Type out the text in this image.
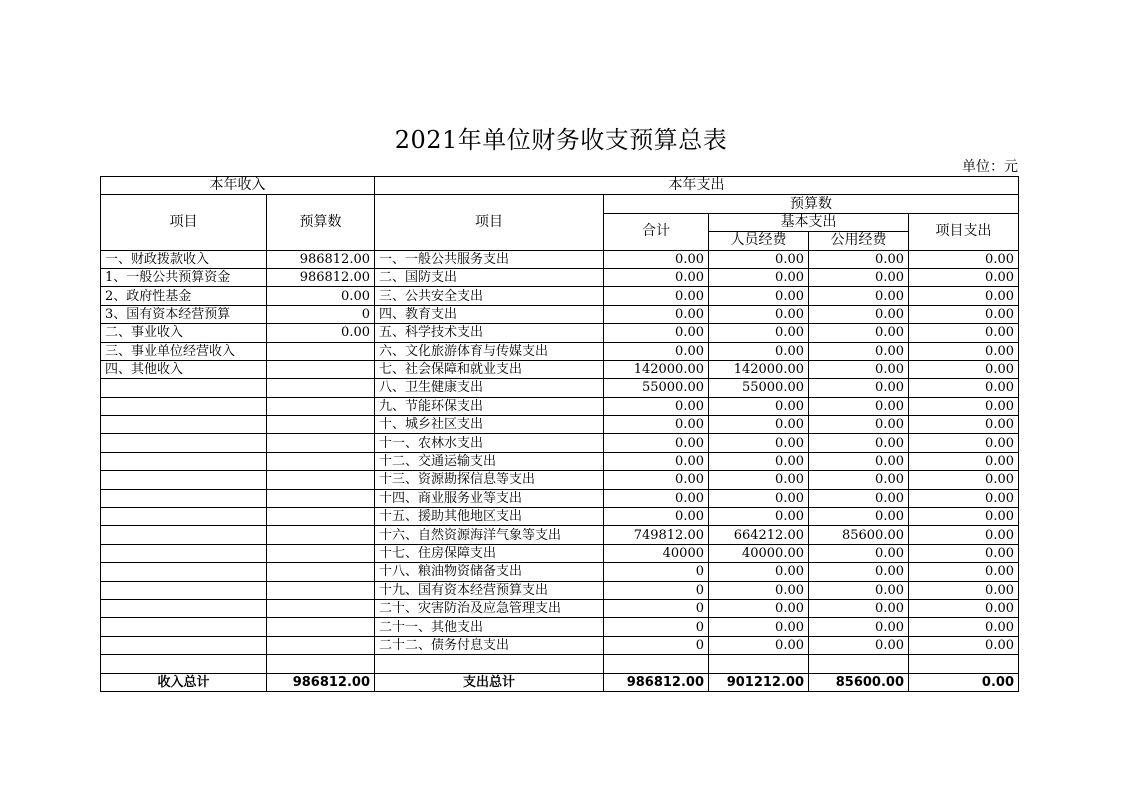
2021年单位财务收支预算总表
单位：元
本年收入		本年支出				
项目	预算数	项目	预算数			
			合计	基本支出		项目支出
				人员经费	公用经费	
一、财政拨款收入	986812.00	一、一般公共服务支出	0.00	0.00	0.00	0.00
1、一般公共预算资金	986812.00	二、国防支出	0.00	0.00	0.00	0.00
2、政府性基金	0.00	三、公共安全支出	0.00	0.00	0.00	0.00
3、国有资本经营预算	0	四、教育支出	0.00	0.00	0.00	0.00
二、事业收入	0.00	五、科学技术支出	0.00	0.00	0.00	0.00
三、事业单位经营收入		六、文化旅游体育与传媒支出	0.00	0.00	0.00	0.00
四、其他收入		七、社会保障和就业支出	142000.00	142000.00	0.00	0.00
		八、卫生健康支出	55000.00	55000.00	0.00	0.00
		九、节能环保支出	0.00	0.00	0.00	0.00
		十、城乡社区支出	0.00	0.00	0.00	0.00
		十一、农林水支出	0.00	0.00	0.00	0.00
		十二、交通运输支出	0.00	0.00	0.00	0.00
		十三、资源勘探信息等支出	0.00	0.00	0.00	0.00
		十四、商业服务业等支出	0.00	0.00	0.00	0.00
		十五、援助其他地区支出	0.00	0.00	0.00	0.00
		十六、自然资源海洋气象等支出	749812.00	664212.00	85600.00	0.00
		十七、住房保障支出	40000	40000.00	0.00	0.00
		十八、粮油物资储备支出	0	0.00	0.00	0.00
		十九、国有资本经营预算支出	0	0.00	0.00	0.00
		二十、灾害防治及应急管理支出	0	0.00	0.00	0.00
		二十一、其他支出	0	0.00	0.00	0.00
		二十二、债务付息支出	0	0.00	0.00	0.00

收入总计	986812.00	支出总计	986812.00	901212.00	85600.00	0.00
